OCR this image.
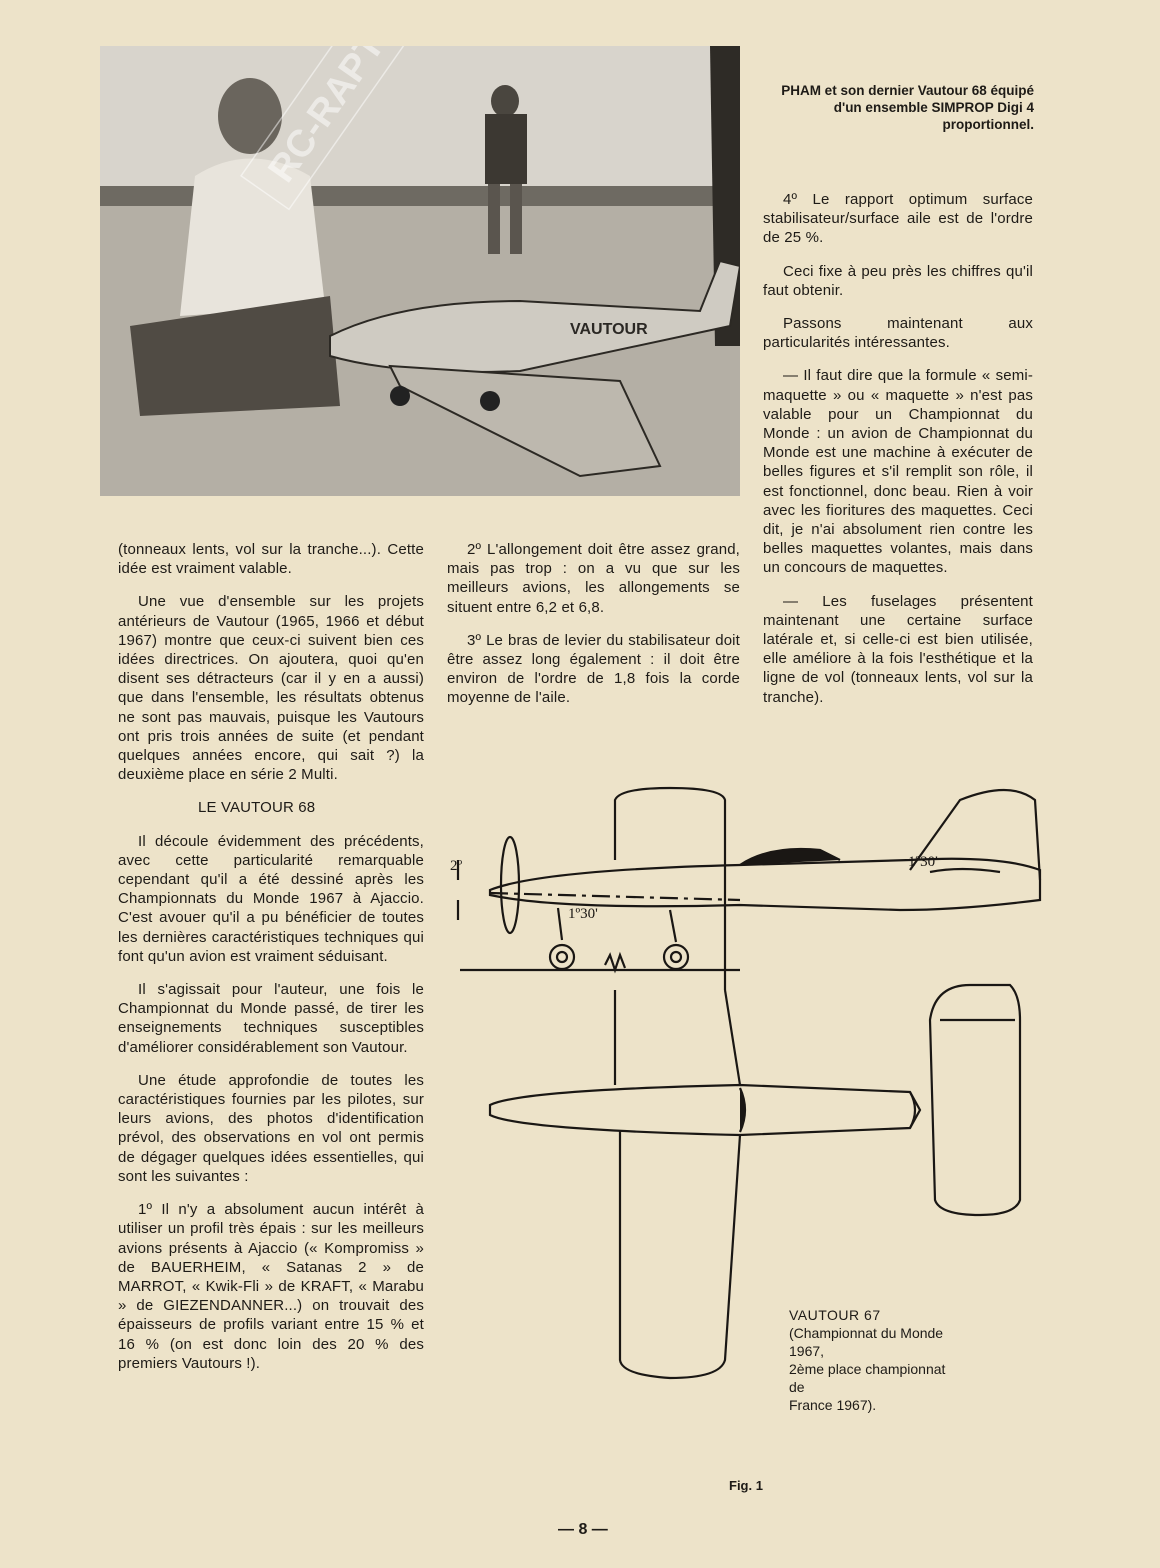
VAUTOUR
PHAM et son dernier Vautour 68 équipé d'un ensemble SIMPROP Digi 4 proportionnel.

(tonneaux lents, vol sur la tranche...). Cette idée est vraiment valable.

Une vue d'ensemble sur les projets antérieurs de Vautour (1965, 1966 et début 1967) montre que ceux-ci suivent bien ces idées directrices. On ajoutera, quoi qu'en disent ses détracteurs (car il y en a aussi) que dans l'ensemble, les résultats obtenus ne sont pas mauvais, puisque les Vautours ont pris trois années de suite (et pendant quelques années encore, qui sait ?) la deuxième place en série 2 Multi.

LE VAUTOUR 68

Il découle évidemment des précédents, avec cette particularité remarquable cependant qu'il a été dessiné après les Championnats du Monde 1967 à Ajaccio. C'est avouer qu'il a pu bénéficier de toutes les dernières caractéristiques techniques qui font qu'un avion est vraiment séduisant.

Il s'agissait pour l'auteur, une fois le Championnat du Monde passé, de tirer les enseignements techniques susceptibles d'améliorer considérablement son Vautour.

Une étude approfondie de toutes les caractéristiques fournies par les pilotes, sur leurs avions, des photos d'identification prévol, des observations en vol ont permis de dégager quelques idées essentielles, qui sont les suivantes :

1º Il n'y a absolument aucun intérêt à utiliser un profil très épais : sur les meilleurs avions présents à Ajaccio (« Kompromiss » de BAUERHEIM, « Satanas 2 » de MARROT, « Kwik-Fli » de KRAFT, « Marabu » de GIEZENDANNER...) on trouvait des épaisseurs de profils variant entre 15 % et 16 % (on est donc loin des 20 % des premiers Vautours !).

2º L'allongement doit être assez grand, mais pas trop : on a vu que sur les meilleurs avions, les allongements se situent entre 6,2 et 6,8.

3º Le bras de levier du stabilisateur doit être assez long également : il doit être environ de l'ordre de 1,8 fois la corde moyenne de l'aile.

4º Le rapport optimum surface stabilisateur/surface aile est de l'ordre de 25 %.

Ceci fixe à peu près les chiffres qu'il faut obtenir.

Passons maintenant aux particularités intéressantes.

— Il faut dire que la formule « semi-maquette » ou « maquette » n'est pas valable pour un Championnat du Monde : un avion de Championnat du Monde est une machine à exécuter de belles figures et s'il remplit son rôle, il est fonctionnel, donc beau. Rien à voir avec les fioritures des maquettes. Ceci dit, je n'ai absolument rien contre les belles maquettes volantes, mais dans un concours de maquettes.

— Les fuselages présentent maintenant une certaine surface latérale et, si celle-ci est bien utilisée, elle améliore à la fois l'esthétique et la ligne de vol (tonneaux lents, vol sur la tranche).

2º
1º30'
1º30'
VAUTOUR 67
(Championnat du Monde 1967,
2ème place championnat de
France 1967).
Fig. 1
— 8 —
